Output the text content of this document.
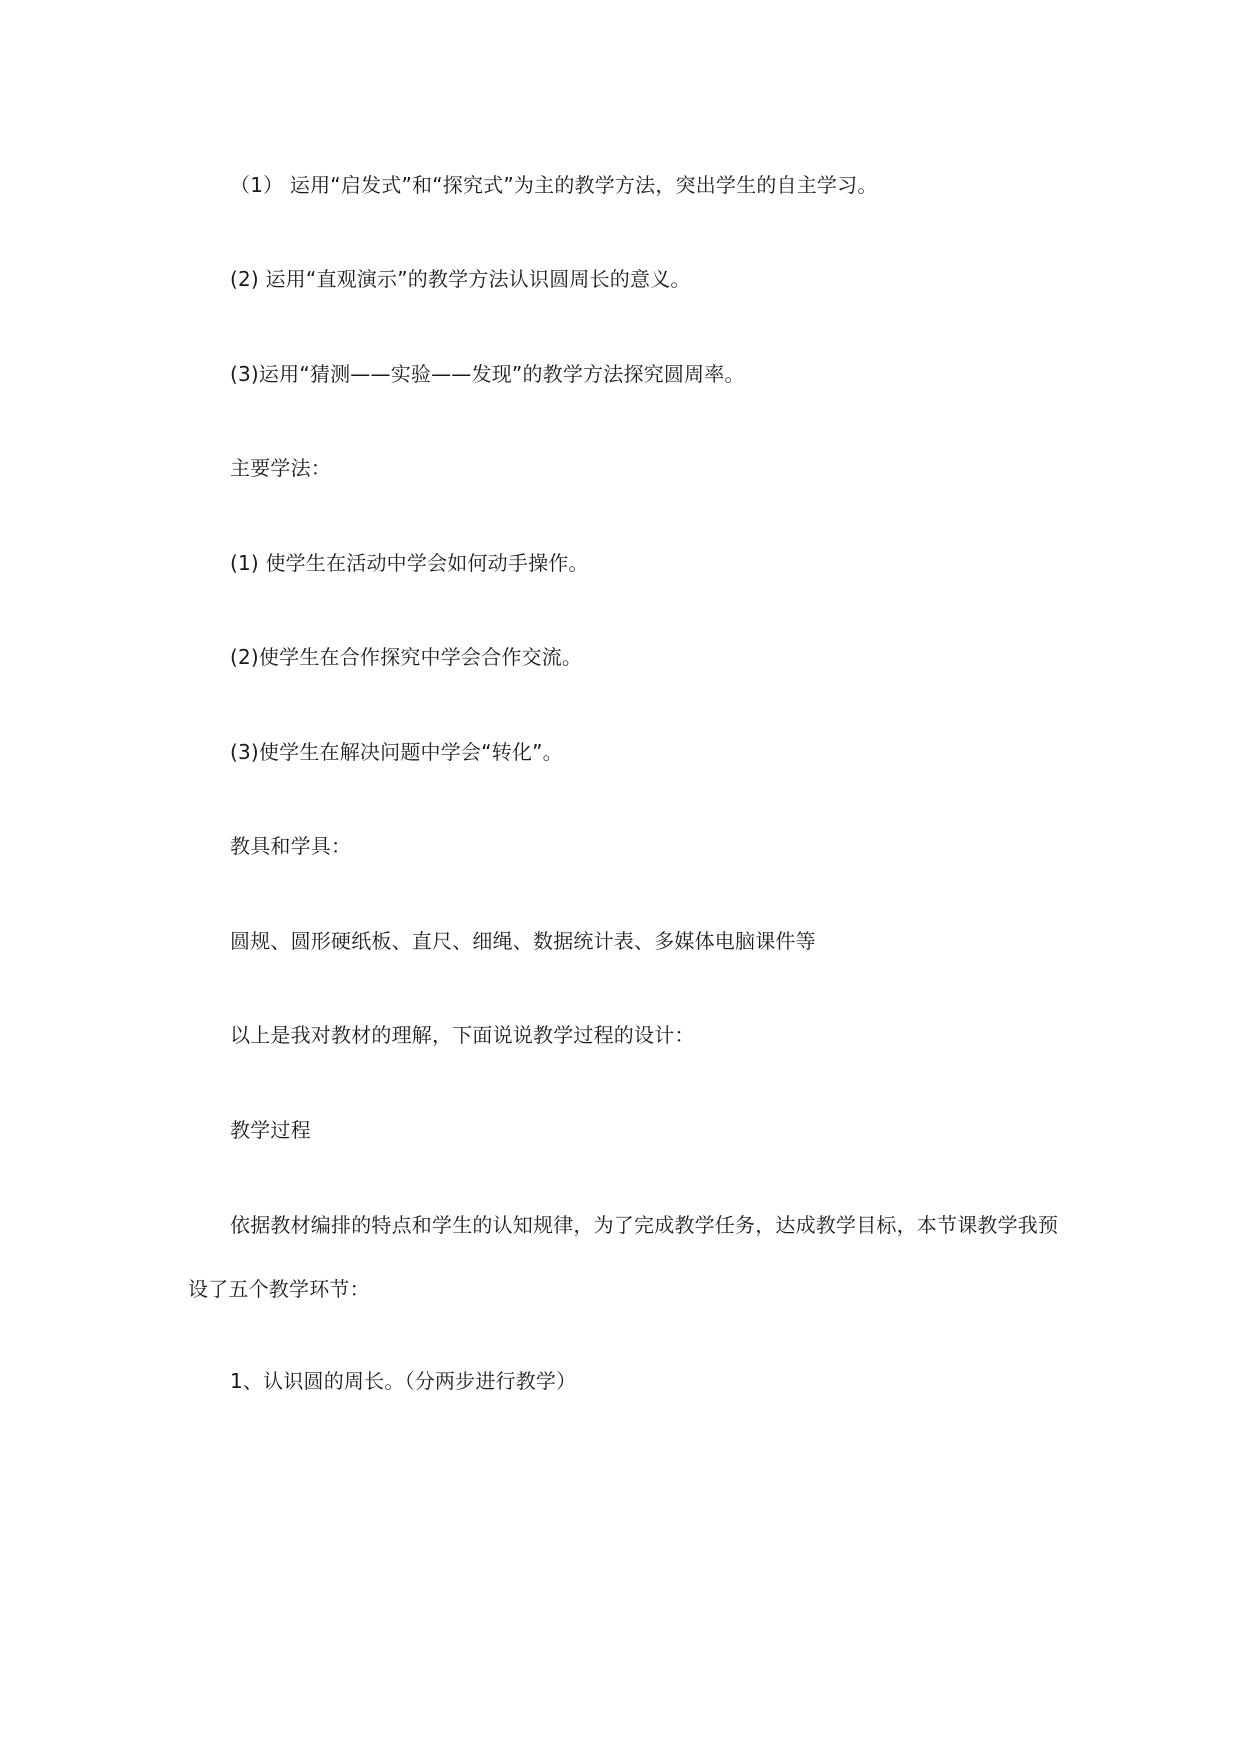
（1） 运用“启发式”和“探究式”为主的教学方法，突出学生的自主学习。
(2) 运用“直观演示”的教学方法认识圆周长的意义。
(3)运用“猜测——实验——发现”的教学方法探究圆周率。
主要学法：
(1) 使学生在活动中学会如何动手操作。
(2)使学生在合作探究中学会合作交流。
(3)使学生在解决问题中学会“转化”。
教具和学具：
圆规、圆形硬纸板、直尺、细绳、数据统计表、多媒体电脑课件等
以上是我对教材的理解，下面说说教学过程的设计：
教学过程
依据教材编排的特点和学生的认知规律，为了完成教学任务，达成教学目标，本节课教学我预设了五个教学环节：
1、认识圆的周长。（分两步进行教学）
